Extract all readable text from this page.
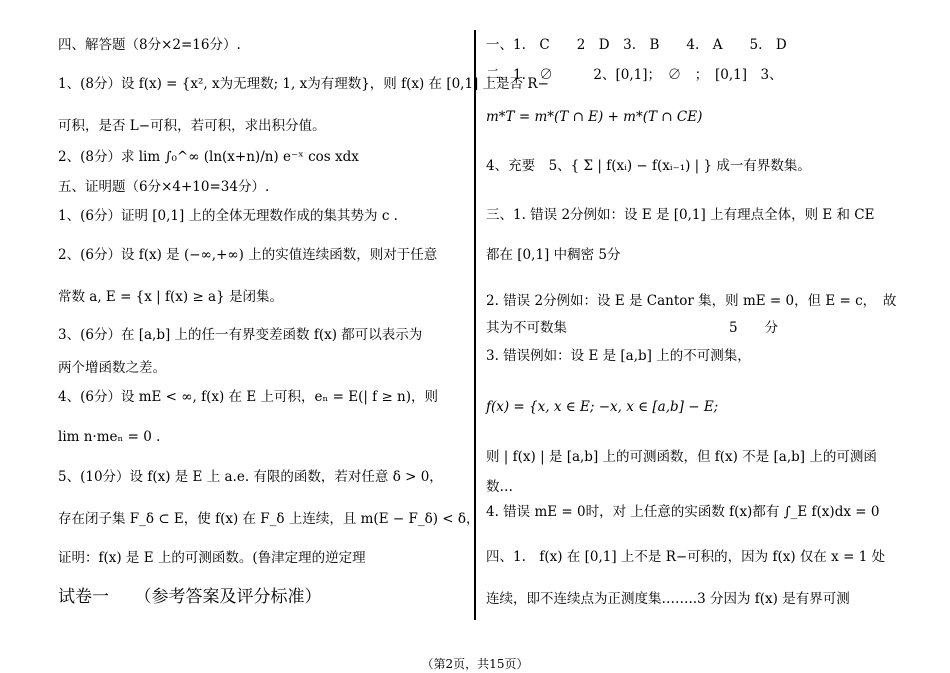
四、解答题（8分×2=16分）.
1、(8分）设 f(x) = {x², x为无理数; 1, x为有理数}，则 f(x) 在 [0,1] 上是否 R−
可积，是否 L−可积，若可积，求出积分值。
2、(8分）求 lim ∫₀^∞ (ln(x+n)/n) e⁻ˣ cos xdx
五、证明题（6分×4+10=34分）.
1、(6分）证明 [0,1] 上的全体无理数作成的集其势为 c .
2、(6分）设 f(x) 是 (−∞,+∞) 上的实值连续函数，则对于任意
常数 a, E = {x | f(x) ≥ a} 是闭集。
3、(6分）在 [a,b] 上的任一有界变差函数 f(x) 都可以表示为
两个增函数之差。
4、(6分）设 mE < ∞, f(x) 在 E 上可积，eₙ = E(| f ≥ n)，则
lim n·meₙ = 0 .
5、(10分）设 f(x) 是 E 上 a.e. 有限的函数，若对任意 δ > 0，
存在闭子集 F_δ ⊂ E，使 f(x) 在 F_δ 上连续，且 m(E − F_δ) < δ，
证明：f(x) 是 E 上的可测函数。(鲁津定理的逆定理
试卷一　　（参考答案及评分标准）
一、1.　C　　2　D　3.　B　　4.　A　　5.　D
二、1.　∅　　　2、[0,1]；　∅　；　[0,1]　3、
m*T = m*(T ∩ E) + m*(T ∩ CE)
4、充要　5、{ Σ | f(xᵢ) − f(xᵢ₋₁) | } 成一有界数集。
三、1. 错误 2分例如：设 E 是 [0,1] 上有理点全体，则 E 和 CE
都在 [0,1] 中稠密 5分
2. 错误 2分例如：设 E 是 Cantor 集，则 mE = 0，但 E = c，　故
其为不可数集　　　　　　　　　　　　5　　分
3. 错误例如：设 E 是 [a,b] 上的不可测集，
f(x) = {x, x ∈ E; −x, x ∈ [a,b] − E;
则 | f(x) | 是 [a,b] 上的可测函数，但 f(x) 不是 [a,b] 上的可测函
数…
4. 错误 mE = 0时，对 上任意的实函数 f(x)都有 ∫_E f(x)dx = 0
四、1.　f(x) 在 [0,1] 上不是 R−可积的，因为 f(x) 仅在 x = 1 处
连续，即不连续点为正测度集……..3 分因为 f(x) 是有界可测
（第2页，共15页）
